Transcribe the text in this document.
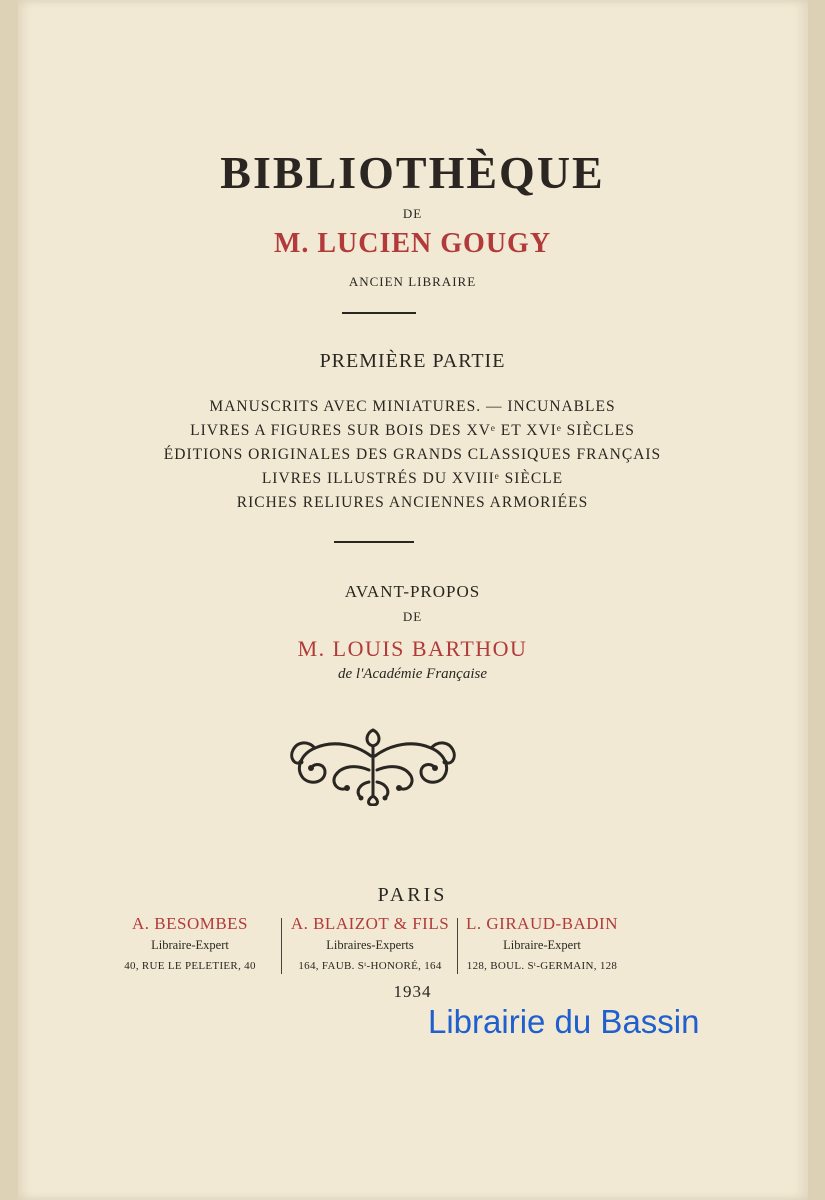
BIBLIOTHÈQUE
DE
M. LUCIEN GOUGY
ANCIEN LIBRAIRE
PREMIÈRE PARTIE
MANUSCRITS AVEC MINIATURES. — INCUNABLES
LIVRES A FIGURES SUR BOIS DES XVᵉ ET XVIᵉ SIÈCLES
ÉDITIONS ORIGINALES DES GRANDS CLASSIQUES FRANÇAIS
LIVRES ILLUSTRÉS DU XVIIIᵉ SIÈCLE
RICHES RELIURES ANCIENNES ARMORIÉES
AVANT-PROPOS
DE
M. LOUIS BARTHOU
de l'Académie Française
PARIS
A. BESOMBES
Libraire-Expert
40, RUE LE PELETIER, 40
A. BLAIZOT & FILS
Libraires-Experts
164, FAUB. Sᵗ-HONORÉ, 164
L. GIRAUD-BADIN
Libraire-Expert
128, BOUL. Sᵗ-GERMAIN, 128
1934
Librairie du Bassin
